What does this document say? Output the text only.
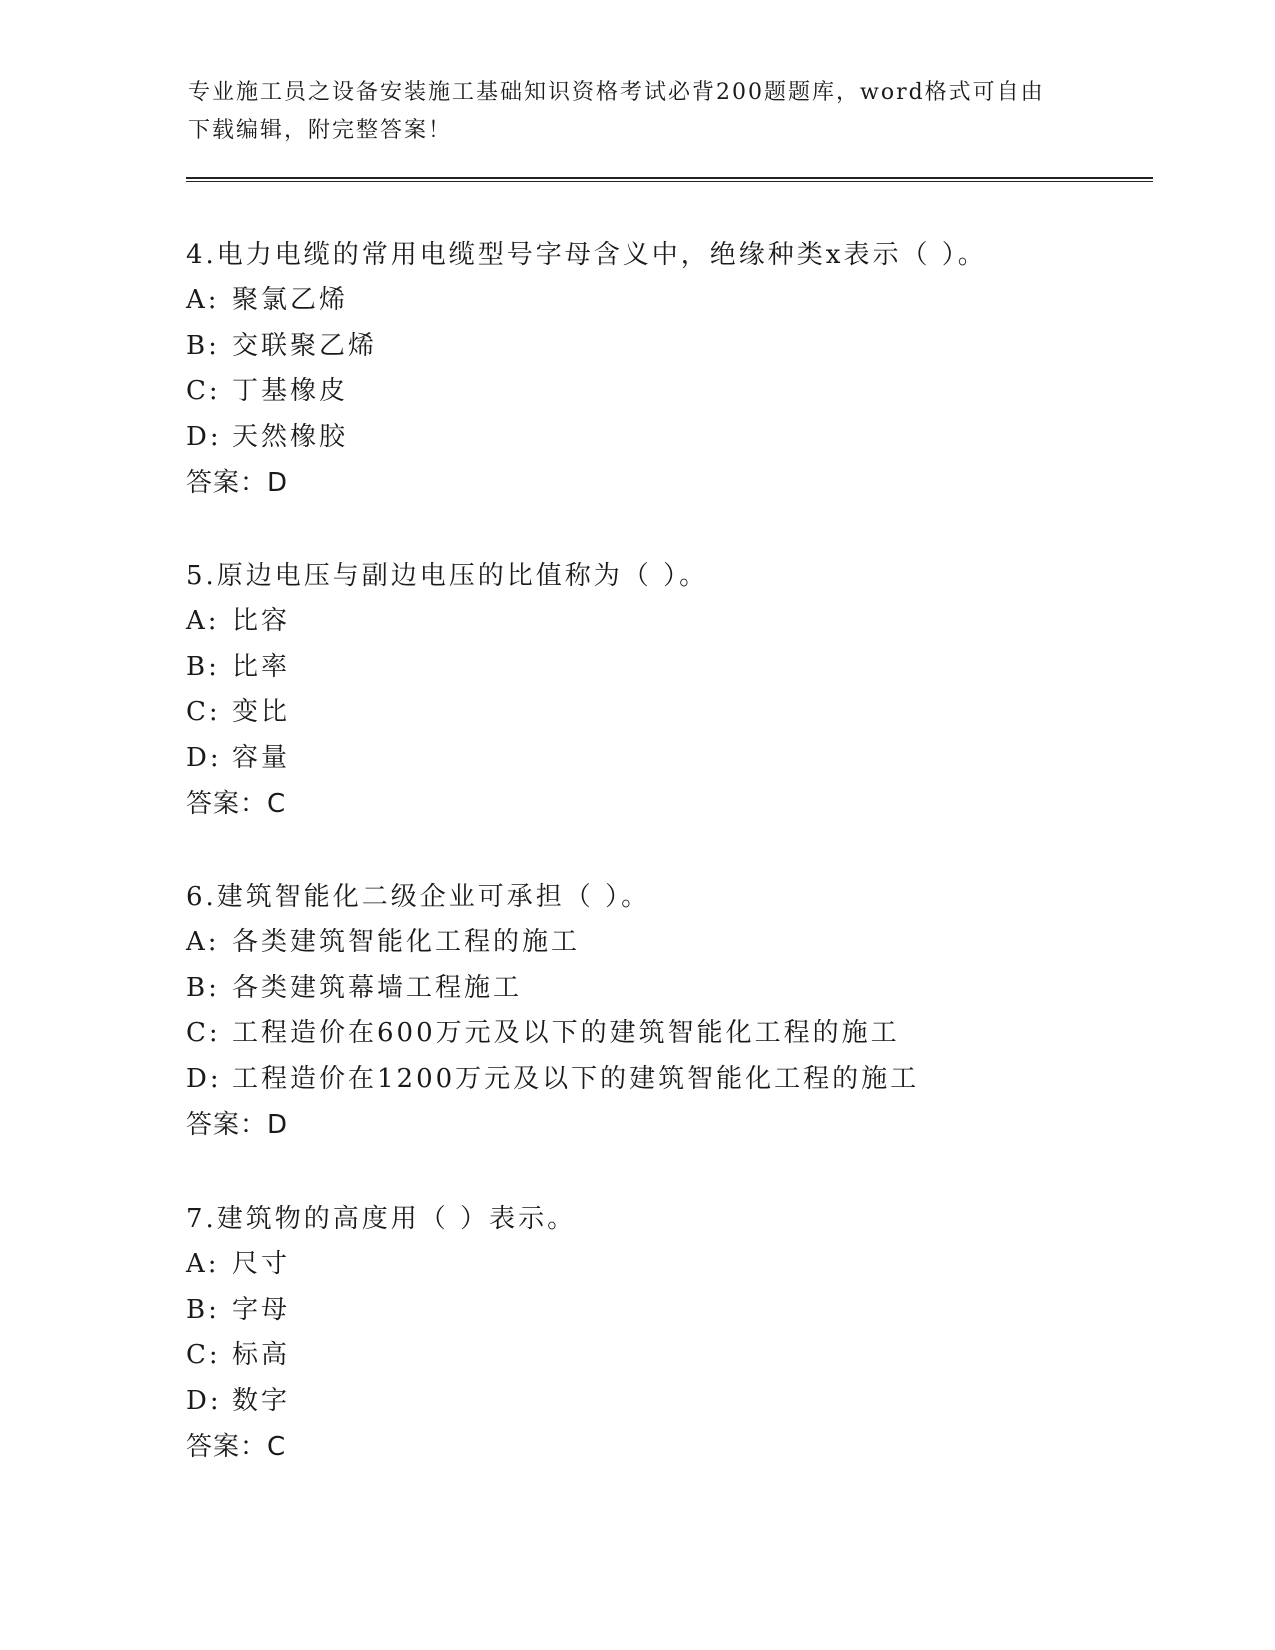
专业施工员之设备安装施工基础知识资格考试必背200题题库，word格式可自由
下载编辑，附完整答案！
4.电力电缆的常用电缆型号字母含义中，绝缘种类x表示（ ）。
A: 聚氯乙烯
B: 交联聚乙烯
C: 丁基橡皮
D: 天然橡胶
答案：D
5.原边电压与副边电压的比值称为（ ）。
A: 比容
B: 比率
C: 变比
D: 容量
答案：C
6.建筑智能化二级企业可承担（ ）。
A: 各类建筑智能化工程的施工
B: 各类建筑幕墙工程施工
C: 工程造价在600万元及以下的建筑智能化工程的施工
D: 工程造价在1200万元及以下的建筑智能化工程的施工
答案：D
7.建筑物的高度用（ ）表示。
A: 尺寸
B: 字母
C: 标高
D: 数字
答案：C
